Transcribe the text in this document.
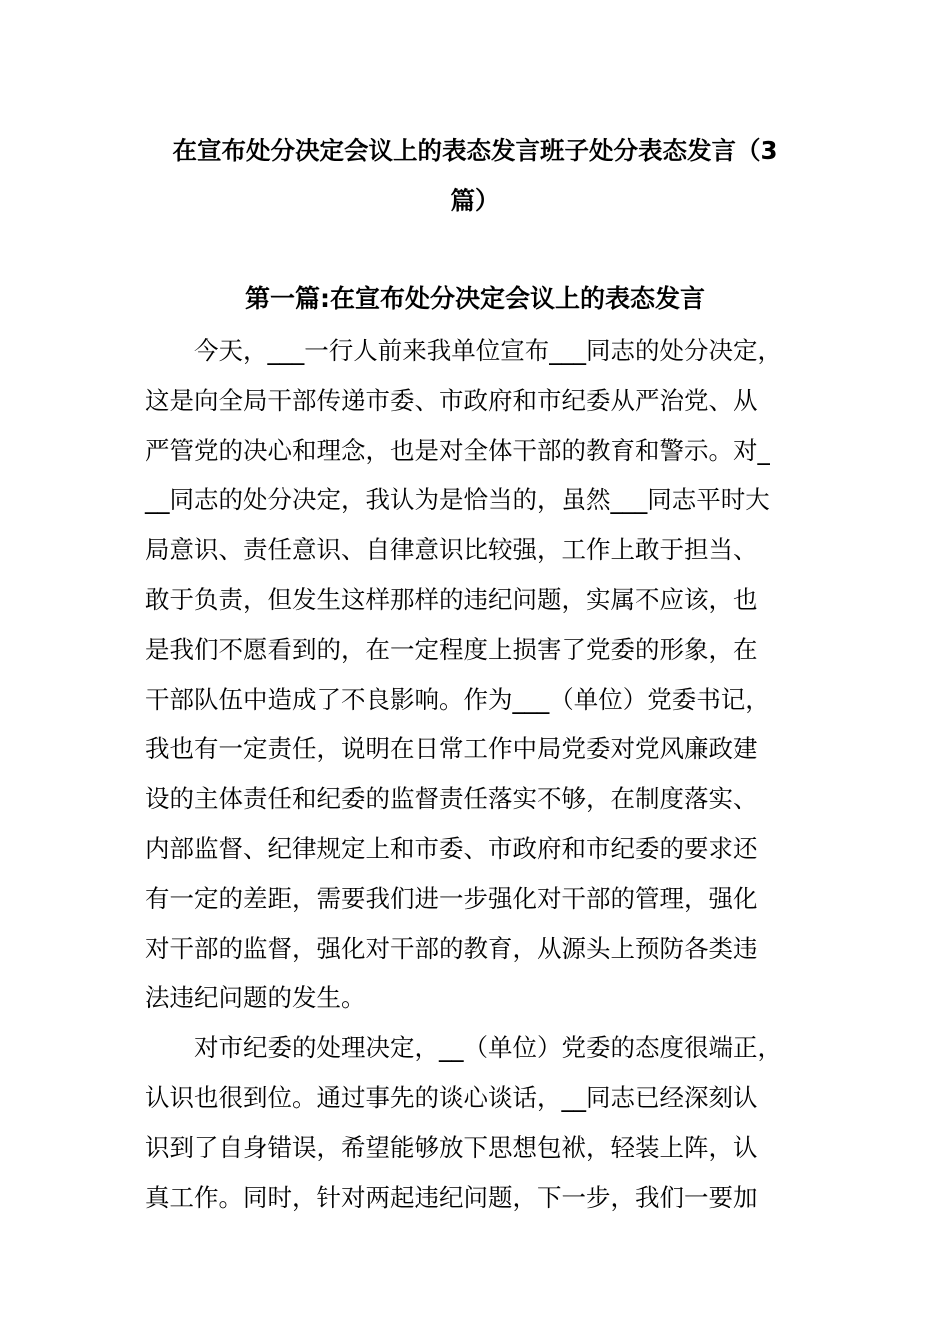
在宣布处分决定会议上的表态发言班子处分表态发言（3
篇）
第一篇:在宣布处分决定会议上的表态发言
今天，___一行人前来我单位宣布___同志的处分决定，
这是向全局干部传递市委、市政府和市纪委从严治党、从
严管党的决心和理念，也是对全体干部的教育和警示。对_
__同志的处分决定，我认为是恰当的，虽然___同志平时大
局意识、责任意识、自律意识比较强，工作上敢于担当、
敢于负责，但发生这样那样的违纪问题，实属不应该，也
是我们不愿看到的，在一定程度上损害了党委的形象，在
干部队伍中造成了不良影响。作为___（单位）党委书记，
我也有一定责任，说明在日常工作中局党委对党风廉政建
设的主体责任和纪委的监督责任落实不够，在制度落实、
内部监督、纪律规定上和市委、市政府和市纪委的要求还
有一定的差距，需要我们进一步强化对干部的管理，强化
对干部的监督，强化对干部的教育，从源头上预防各类违
法违纪问题的发生。
对市纪委的处理决定，__（单位）党委的态度很端正，
认识也很到位。通过事先的谈心谈话，__同志已经深刻认
识到了自身错误，希望能够放下思想包袱，轻装上阵，认
真工作。同时，针对两起违纪问题，下一步，我们一要加
